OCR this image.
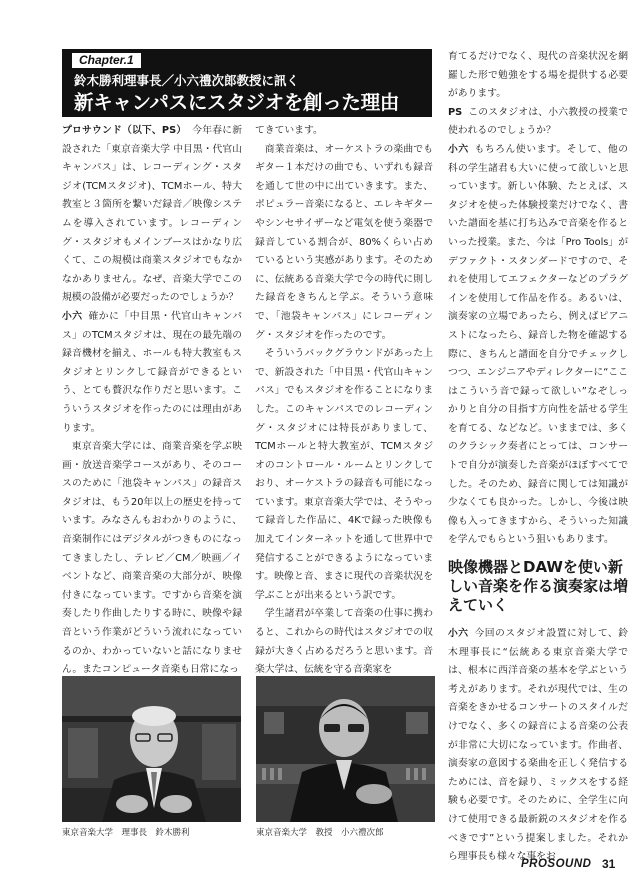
Chapter.1
鈴木勝利理事長／小六禮次郎教授に訊く
新キャンパスにスタジオを創った理由

プロサウンド（以下、PS） 今年春に新設された「東京音楽大学 中目黒・代官山キャンパス」は、レコーディング・スタジオ(TCMスタジオ)、TCMホール、特大教室と３箇所を繋いだ録音／映像システムを導入されています。レコーディング・スタジオもメインブースはかなり広くて、この規模は商業スタジオでもなかなかありません。なぜ、音楽大学でこの規模の設備が必要だったのでしょうか？

小六 確かに「中目黒・代官山キャンパス」のTCMスタジオは、現在の最先端の録音機材を揃え、ホールも特大教室もスタジオとリンクして録音ができるという、とても贅沢な作りだと思います。こういうスタジオを作ったのには理由があります。

東京音楽大学には、商業音楽を学ぶ映画・放送音楽学コースがあり、そのコースのために「池袋キャンパス」の録音スタジオは、もう20年以上の歴史を持っています。みなさんもおわかりのように、音楽制作にはデジタルがつきものになってきましたし、テレビ／CM／映画／イベントなど、商業音楽の大部分が、映像付きになっています。ですから音楽を演奏したり作曲したりする時に、映像や録音という作業がどういう流れになっているのか、わかっていないと話になりません。またコンピュータ音楽も日常になっ

てきています。

商業音楽は、オーケストラの楽曲でもギター１本だけの曲でも、いずれも録音を通して世の中に出ていきます。また、ポピュラー音楽になると、エレキギターやシンセサイザーなど電気を使う楽器で録音している割合が、80%くらい占めているという実感があります。そのために、伝統ある音楽大学で今の時代に則した録音をきちんと学ぶ。そういう意味で、「池袋キャンパス」にレコーディング・スタジオを作ったのです。

そういうバックグラウンドがあった上で、新設された「中目黒・代官山キャンパス」でもスタジオを作ることになりました。このキャンパスでのレコーディング・スタジオには特長がありまして、TCMホールと特大教室が、TCMスタジオのコントロール・ルームとリンクしており、オーケストラの録音も可能になっています。東京音楽大学では、そうやって録音した作品に、4Kで録った映像も加えてインターネットを通して世界中で発信することができるようになっています。映像と音、まさに現代の音楽状況を学ぶことが出来るという訳です。

学生諸君が卒業して音楽の仕事に携わると、これからの時代はスタジオでの収録が大きく占めるだろうと思います。音楽大学は、伝統を守る音楽家を

育てるだけでなく、現代の音楽状況を網羅した形で勉強をする場を提供する必要があります。

PS このスタジオは、小六教授の授業で使われるのでしょうか？

小六 もちろん使います。そして、他の科の学生諸君も大いに使って欲しいと思っています。新しい体験、たとえば、スタジオを使った体験授業だけでなく、書いた譜面を基に打ち込みで音楽を作るといった授業。また、今は「Pro Tools」がデファクト・スタンダードですので、それを使用してエフェクターなどのプラグインを使用して作品を作る。あるいは、演奏家の立場であったら、例えばピアニストになったら、録音した物を確認する際に、きちんと譜面を自分でチェックしつつ、エンジニアやディレクターに“ここはこういう音で録って欲しい”なぞしっかりと自分の目指す方向性を話せる学生を育てる、などなど。いままでは、多くのクラシック奏者にとっては、コンサートで自分が演奏した音楽がほぼすべてでした。そのため、録音に関しては知識が少なくても良かった。しかし、今後は映像も入ってきますから、そういった知識を学んでもらという狙いもあります。

映像機器とDAWを使い新しい音楽を作る演奏家は増えていく

小六 今回のスタジオ設置に対して、鈴木理事長に“伝統ある東京音楽大学では、根本に西洋音楽の基本を学ぶという考えがあります。それが現代では、生の音楽をきかせるコンサートのスタイルだけでなく、多くの録音による音楽の公表が非常に大切になっています。作曲者、演奏家の意図する楽曲を正しく発信するためには、音を録り、ミックスをする経験も必要です。そのために、全学生に向けて使用できる最新鋭のスタジオを作るべきです”という提案しました。それから理事長も様々な事をお

東京音楽大学　理事長　鈴木勝利	東京音楽大学　教授　小六禮次郎
PROSOUND 31
